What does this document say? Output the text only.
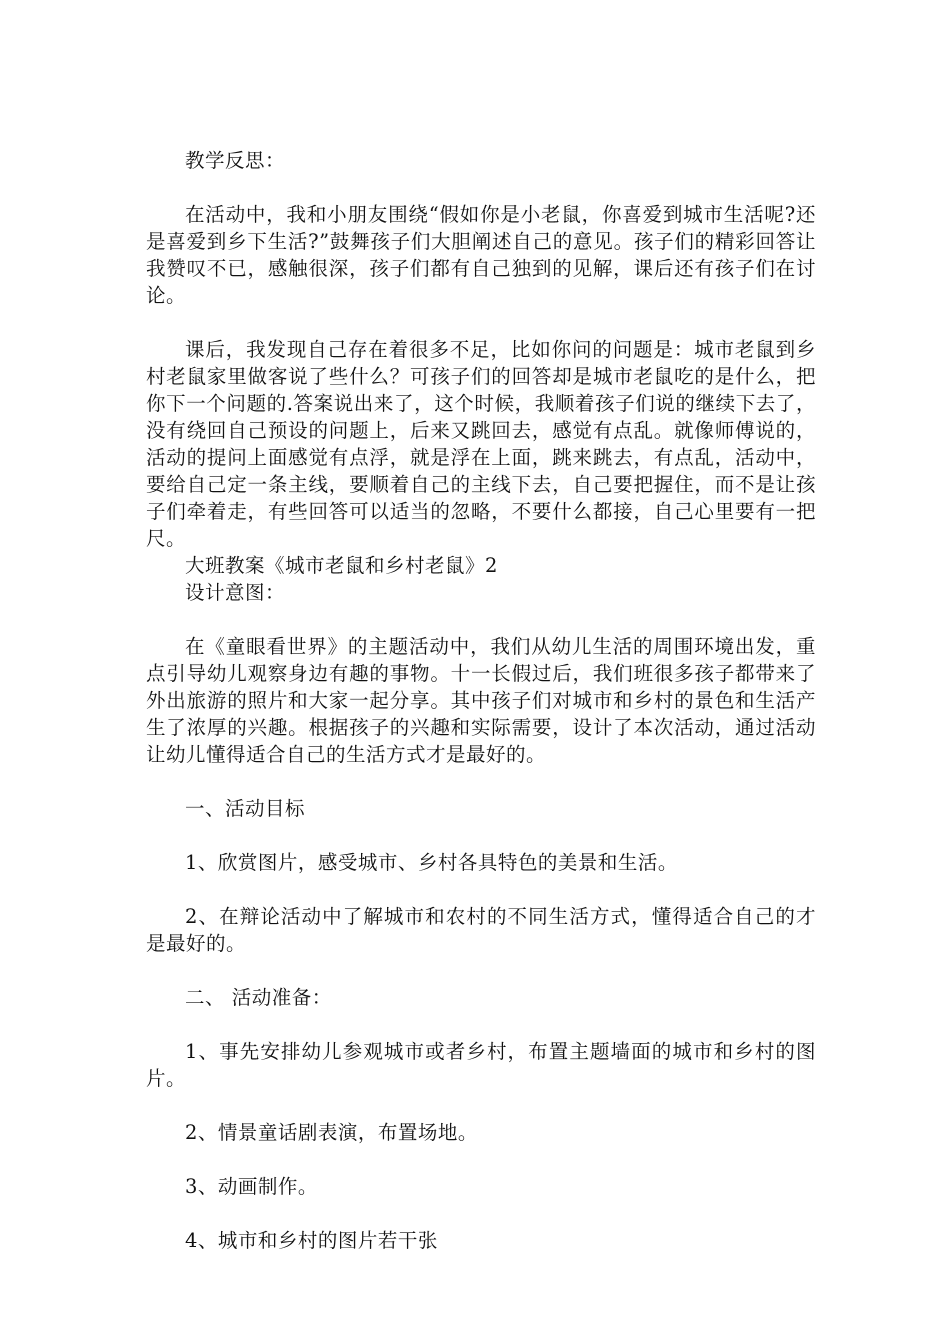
教学反思：

在活动中，我和小朋友围绕“假如你是小老鼠，你喜爱到城市生活呢?还是喜爱到乡下生活?”鼓舞孩子们大胆阐述自己的意见。孩子们的精彩回答让我赞叹不已，感触很深，孩子们都有自己独到的见解，课后还有孩子们在讨论。

课后，我发现自己存在着很多不足，比如你问的问题是：城市老鼠到乡村老鼠家里做客说了些什么？可孩子们的回答却是城市老鼠吃的是什么，把你下一个问题的.答案说出来了，这个时候，我顺着孩子们说的继续下去了，没有绕回自己预设的问题上，后来又跳回去，感觉有点乱。就像师傅说的，活动的提问上面感觉有点浮，就是浮在上面，跳来跳去，有点乱，活动中，要给自己定一条主线，要顺着自己的主线下去，自己要把握住，而不是让孩子们牵着走，有些回答可以适当的忽略，不要什么都接，自己心里要有一把尺。

大班教案《城市老鼠和乡村老鼠》2

设计意图：

在《童眼看世界》的主题活动中，我们从幼儿生活的周围环境出发，重点引导幼儿观察身边有趣的事物。十一长假过后，我们班很多孩子都带来了外出旅游的照片和大家一起分享。其中孩子们对城市和乡村的景色和生活产生了浓厚的兴趣。根据孩子的兴趣和实际需要，设计了本次活动，通过活动让幼儿懂得适合自己的生活方式才是最好的。

一、活动目标

1、欣赏图片，感受城市、乡村各具特色的美景和生活。

2、在辩论活动中了解城市和农村的不同生活方式，懂得适合自己的才是最好的。

二、 活动准备：

1、事先安排幼儿参观城市或者乡村，布置主题墙面的城市和乡村的图片。

2、情景童话剧表演，布置场地。

3、动画制作。

4、城市和乡村的图片若干张
